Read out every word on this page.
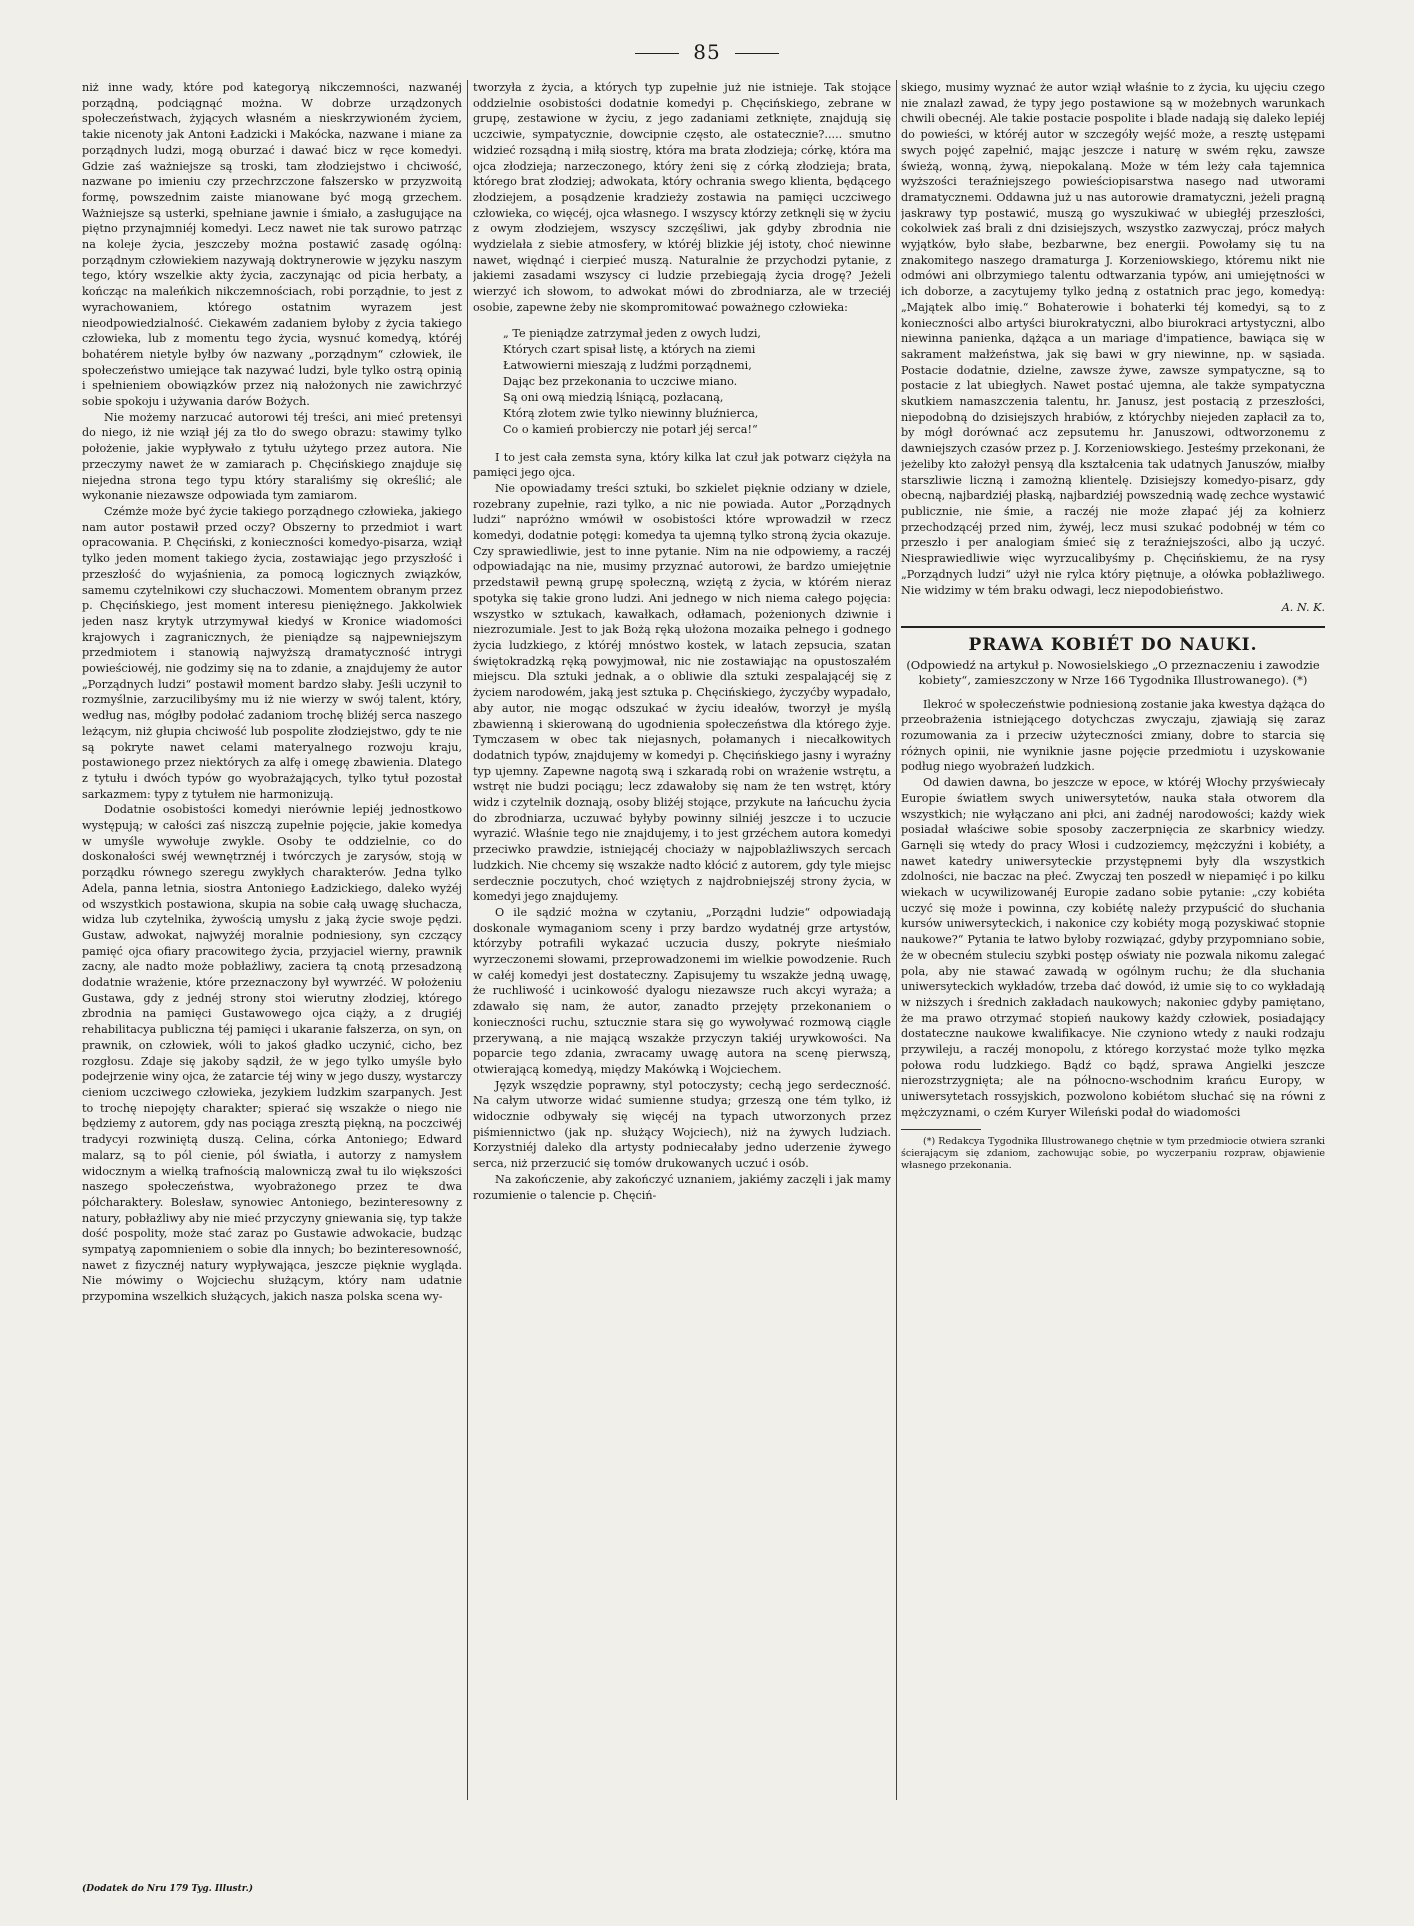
85

niż inne wady, które pod kategoryą nikczemności, nazwanéj porządną, podciągnąć można. W dobrze urządzonych społeczeństwach, żyjących własném a nieskrzywioném życiem, takie nicenoty jak Antoni Ładzicki i Makócka, nazwane i miane za porządnych ludzi, mogą oburzać i dawać bicz w ręce komedyi. Gdzie zaś ważniejsze są troski, tam złodziejstwo i chciwość, nazwane po imieniu czy przechrzczone fałszersko w przyzwoitą formę, powszednim zaiste mianowane być mogą grzechem. Ważniejsze są usterki, spełniane jawnie i śmiało, a zasługujące na piętno przynajmniéj komedyi. Lecz nawet nie tak surowo patrząc na koleje życia, jeszczeby można postawić zasadę ogólną: porządnym człowiekiem nazywają doktrynerowie w języku naszym tego, który wszelkie akty życia, zaczynając od picia herbaty, a kończąc na maleńkich nikczemnościach, robi porządnie, to jest z wyrachowaniem, którego ostatnim wyrazem jest nieodpowiedzialność. Ciekawém zadaniem byłoby z życia takiego człowieka, lub z momentu tego życia, wysnuć komedyą, któréj bohatérem nietyle byłby ów nazwany „porządnym“ człowiek, ile społeczeństwo umiejące tak nazywać ludzi, byle tylko ostrą opinią i spełnieniem obowiązków przez nią nałożonych nie zawichrzyć sobie spokoju i używania darów Bożych.

Nie możemy narzucać autorowi téj treści, ani mieć pretensyi do niego, iż nie wziął jéj za tło do swego obrazu: stawimy tylko położenie, jakie wypływało z tytułu użytego przez autora. Nie przeczymy nawet że w zamiarach p. Chęcińskiego znajduje się niejedna strona tego typu który staraliśmy się określić; ale wykonanie niezawsze odpowiada tym zamiarom.

Czémże może być życie takiego porządnego człowieka, jakiego nam autor postawił przed oczy? Obszerny to przedmiot i wart opracowania. P. Chęciński, z konieczności komedyo-pisarza, wziął tylko jeden moment takiego życia, zostawiając jego przyszłość i przeszłość do wyjaśnienia, za pomocą logicznych związków, samemu czytelnikowi czy słuchaczowi. Momentem obranym przez p. Chęcińskiego, jest moment interesu pieniężnego. Jakkolwiek jeden nasz krytyk utrzymywał kiedyś w Kronice wiadomości krajowych i zagranicznych, że pieniądze są najpewniejszym przedmiotem i stanowią najwyższą dramatyczność intrygi powieściowéj, nie godzimy się na to zdanie, a znajdujemy że autor „Porządnych ludzi“ postawił moment bardzo słaby. Jeśli uczynił to rozmyślnie, zarzucilibyśmy mu iż nie wierzy w swój talent, który, według nas, mógłby podołać zadaniom trochę bliżéj serca naszego leżącym, niż głupia chciwość lub pospolite złodziejstwo, gdy te nie są pokryte nawet celami materyalnego rozwoju kraju, postawionego przez niektórych za alfę i omegę zbawienia. Dlatego z tytułu i dwóch typów go wyobrażających, tylko tytuł pozostał sarkazmem: typy z tytułem nie harmonizują.

Dodatnie osobistości komedyi nierównie lepiéj jednostkowo występują; w całości zaś niszczą zupełnie pojęcie, jakie komedya w umyśle wywołuje zwykle. Osoby te oddzielnie, co do doskonałości swéj wewnętrznéj i twórczych je zarysów, stoją w porządku równego szeregu zwykłych charakterów. Jedna tylko Adela, panna letnia, siostra Antoniego Ładzickiego, daleko wyżéj od wszystkich postawiona, skupia na sobie całą uwagę słuchacza, widza lub czytelnika, żywością umysłu z jaką życie swoje pędzi. Gustaw, adwokat, najwyżéj moralnie podniesiony, syn czczący pamięć ojca ofiary pracowitego życia, przyjaciel wierny, prawnik zacny, ale nadto może pobłażliwy, zaciera tą cnotą przesadzoną dodatnie wrażenie, które przeznaczony był wywrzéć. W położeniu Gustawa, gdy z jednéj strony stoi wierutny złodziej, którego zbrodnia na pamięci Gustawowego ojca ciąży, a z drugiéj rehabilitacya publiczna téj pamięci i ukaranie fałszerza, on syn, on prawnik, on człowiek, wóli to jakoś gładko uczynić, cicho, bez rozgłosu. Zdaje się jakoby sądził, że w jego tylko umyśle było podejrzenie winy ojca, że zatarcie téj winy w jego duszy, wystarczy cieniom uczciwego człowieka, jezykiem ludzkim szarpanych. Jest to trochę niepojęty charakter; spierać się wszakże o niego nie będziemy z autorem, gdy nas pociąga zresztą piękną, na poczciwéj tradycyi rozwiniętą duszą. Celina, córka Antoniego; Edward malarz, są to pól cienie, pól światła, i autorzy z namysłem widocznym a wielką trafnością malowniczą zwał tu ilo większości naszego społeczeństwa, wyobrażonego przez te dwa półcharaktery. Bolesław, synowiec Antoniego, bezinteresowny z natury, pobłażliwy aby nie mieć przyczyny gniewania się, typ także dość pospolity, może stać zaraz po Gustawie adwokacie, budząc sympatyą zapomnieniem o sobie dla innych; bo bezinteresowność, nawet z fizycznéj natury wypływająca, jeszcze pięknie wygląda. Nie mówimy o Wojciechu służącym, który nam udatnie przypomina wszelkich służących, jakich nasza polska scena wy-

tworzyła z życia, a których typ zupełnie już nie istnieje. Tak stojące oddzielnie osobistości dodatnie komedyi p. Chęcińskiego, zebrane w grupę, zestawione w życiu, z jego zadaniami zetknięte, znajdują się uczciwie, sympatycznie, dowcipnie często, ale ostatecznie?..... smutno widzieć rozsądną i miłą siostrę, która ma brata złodzieja; córkę, która ma ojca złodzieja; narzeczonego, który żeni się z córką złodzieja; brata, którego brat złodziej; adwokata, który ochrania swego klienta, będącego złodziejem, a posądzenie kradzieży zostawia na pamięci uczciwego człowieka, co więcéj, ojca własnego. I wszyscy którzy zetknęli się w życiu z owym złodziejem, wszyscy szczęśliwi, jak gdyby zbrodnia nie wydzielała z siebie atmosfery, w któréj blizkie jéj istoty, choć niewinne nawet, więdnąć i cierpieć muszą. Naturalnie że przychodzi pytanie, z jakiemi zasadami wszyscy ci ludzie przebiegają życia drogę? Jeżeli wierzyć ich słowom, to adwokat mówi do zbrodniarza, ale w trzeciéj osobie, zapewne żeby nie skompromitować poważnego człowieka:

„ Te pieniądze zatrzymał jeden z owych ludzi,
Których czart spisał listę, a których na ziemi
Łatwowierni mieszają z ludźmi porządnemi,
Dając bez przekonania to uczciwe miano.
Są oni ową miedzią lśniącą, pozłacaną,
Którą złotem zwie tylko niewinny bluźnierca,
Co o kamień probierczy nie potarł jéj serca!“

I to jest cała zemsta syna, który kilka lat czuł jak potwarz ciężyła na pamięci jego ojca.

Nie opowiadamy treści sztuki, bo szkielet pięknie odziany w dziele, rozebrany zupełnie, razi tylko, a nic nie powiada. Autor „Porządnych ludzi“ napróżno wmówił w osobistości które wprowadził w rzecz komedyi, dodatnie potęgi: komedya ta ujemną tylko stroną życia okazuje. Czy sprawiedliwie, jest to inne pytanie. Nim na nie odpowiemy, a raczéj odpowiadając na nie, musimy przyznać autorowi, że bardzo umiejętnie przedstawił pewną grupę społeczną, wziętą z życia, w którém nieraz spotyka się takie grono ludzi. Ani jednego w nich niema całego pojęcia: wszystko w sztukach, kawałkach, odłamach, pożenionych dziwnie i niezrozumiale. Jest to jak Bożą ręką ułożona mozaika pełnego i godnego życia ludzkiego, z któréj mnóstwo kostek, w latach zepsucia, szatan świętokradzką ręką powyjmował, nic nie zostawiając na opustoszałém miejscu. Dla sztuki jednak, a o obliwie dla sztuki zespalającéj się z życiem narodowém, jaką jest sztuka p. Chęcińskiego, życzyćby wypadało, aby autor, nie mogąc odszukać w życiu ideałów, tworzył je myślą zbawienną i skierowaną do ugodnienia społeczeństwa dla którego żyje. Tymczasem w obec tak niejasnych, połamanych i niecałkowitych dodatnich typów, znajdujemy w komedyi p. Chęcińskiego jasny i wyraźny typ ujemny. Zapewne nagotą swą i szkaradą robi on wrażenie wstrętu, a wstręt nie budzi pociągu; lecz zdawałoby się nam że ten wstręt, który widz i czytelnik doznają, osoby bliżéj stojące, przykute na łańcuchu życia do zbrodniarza, uczuwać byłyby powinny silniéj jeszcze i to uczucie wyrazić. Właśnie tego nie znajdujemy, i to jest grzéchem autora komedyi przeciwko prawdzie, istniejącéj chociaży w najpoblażliwszych sercach ludzkich. Nie chcemy się wszakże nadto kłócić z autorem, gdy tyle miejsc serdecznie poczutych, choć wziętych z najdrobniejszéj strony życia, w komedyi jego znajdujemy.

O ile sądzić można w czytaniu, „Porządni ludzie“ odpowiadają doskonale wymaganiom sceny i przy bardzo wydatnéj grze artystów, którzyby potrafili wykazać uczucia duszy, pokryte nieśmiało wyrzeczonemi słowami, przeprowadzonemi im wielkie powodzenie. Ruch w całéj komedyi jest dostateczny. Zapisujemy tu wszakże jedną uwagę, że ruchliwość i ucinkowość dyalogu niezawsze ruch akcyi wyraża; a zdawało się nam, że autor, zanadto przejęty przekonaniem o konieczności ruchu, sztucznie stara się go wywoływać rozmową ciągle przerywaną, a nie mającą wszakże przyczyn takiéj urywkowości. Na poparcie tego zdania, zwracamy uwagę autora na scenę pierwszą, otwierającą komedyą, między Makówką i Wojciechem.

Język wszędzie poprawny, styl potoczysty; cechą jego serdeczność. Na całym utworze widać sumienne studya; grzeszą one tém tylko, iż widocznie odbywały się więcéj na typach utworzonych przez piśmiennictwo (jak np. służący Wojciech), niż na żywych ludziach. Korzystniéj daleko dla artysty podniecałaby jedno uderzenie żywego serca, niż przerzucić się tomów drukowanych uczuć i osób.

Na zakończenie, aby zakończyć uznaniem, jakiémy zaczęli i jak mamy rozumienie o talencie p. Chęciń-

skiego, musimy wyznać że autor wziął właśnie to z życia, ku ujęciu czego nie znalazł zawad, że typy jego postawione są w możebnych warunkach chwili obecnéj. Ale takie postacie pospolite i blade nadają się daleko lepiéj do powieści, w któréj autor w szczegóły wejść może, a resztę ustępami swych pojęć zapełnić, mając jeszcze i naturę w swém ręku, zawsze świeżą, wonną, żywą, niepokalaną. Może w tém leży cała tajemnica wyższości teraźniejszego powieściopisarstwa nasego nad utworami dramatycznemi. Oddawna już u nas autorowie dramatyczni, jeżeli pragną jaskrawy typ postawić, muszą go wyszukiwać w ubiegłéj przeszłości, cokolwiek zaś brali z dni dzisiejszych, wszystko zazwyczaj, prócz małych wyjątków, było słabe, bezbarwne, bez energii. Powołamy się tu na znakomitego naszego dramaturga J. Korzeniowskiego, któremu nikt nie odmówi ani olbrzymiego talentu odtwarzania typów, ani umiejętności w ich doborze, a zacytujemy tylko jedną z ostatnich prac jego, komedyą: „Majątek albo imię.“ Bohaterowie i bohaterki téj komedyi, są to z konieczności albo artyści biurokratyczni, albo biurokraci artystyczni, albo niewinna panienka, dążąca a un mariage d'impatience, bawiąca się w sakrament małżeństwa, jak się bawi w gry niewinne, np. w sąsiada. Postacie dodatnie, dzielne, zawsze żywe, zawsze sympatyczne, są to postacie z lat ubiegłych. Nawet postać ujemna, ale także sympatyczna skutkiem namaszczenia talentu, hr. Janusz, jest postacią z przeszłości, niepodobną do dzisiejszych hrabiów, z którychby niejeden zapłacił za to, by mógł dorównać acz zepsutemu hr. Januszowi, odtworzonemu z dawniejszych czasów przez p. J. Korzeniowskiego. Jesteśmy przekonani, że jeżeliby kto założył pensyą dla kształcenia tak udatnych Januszów, miałby starszliwie liczną i zamożną klientelę. Dzisiejszy komedyo-pisarz, gdy obecną, najbardziéj płaską, najbardziéj powszednią wadę zechce wystawić publicznie, nie śmie, a raczéj nie może złapać jéj za kołnierz przechodzącéj przed nim, żywéj, lecz musi szukać podobnéj w tém co przeszło i per analogiam śmieć się z teraźniejszości, albo ją uczyć. Niesprawiedliwie więc wyrzucalibyśmy p. Chęcińskiemu, że na rysy „Porządnych ludzi“ użył nie rylca który piętnuje, a ołówka pobłażliwego. Nie widzimy w tém braku odwagi, lecz niepodobieństwo.

A. N. K.
PRAWA KOBIÉT DO NAUKI.
(Odpowiedź na artykuł p. Nowosielskiego „O przeznaczeniu i zawodzie kobiety“, zamieszczony w Nrze 166 Tygodnika Illustrowanego). (*)

Ilekroć w społeczeństwie podniesioną zostanie jaka kwestya dążąca do przeobrażenia istniejącego dotychczas zwyczaju, zjawiają się zaraz rozumowania za i przeciw użyteczności zmiany, dobre to starcia się różnych opinii, nie wyniknie jasne pojęcie przedmiotu i uzyskowanie podług niego wyobrażeń ludzkich.

Od dawien dawna, bo jeszcze w epoce, w któréj Włochy przyświecały Europie światłem swych uniwersytetów, nauka stała otworem dla wszystkich; nie wyłączano ani płci, ani żadnéj narodowości; każdy wiek posiadał właściwe sobie sposoby zaczerpnięcia ze skarbnicy wiedzy. Garnęli się wtedy do pracy Włosi i cudzoziemcy, mężczyźni i kobiéty, a nawet katedry uniwersyteckie przystępnemi były dla wszystkich zdolności, nie baczac na płeć. Zwyczaj ten poszedł w niepamięć i po kilku wiekach w ucywilizowanéj Europie zadano sobie pytanie: „czy kobiéta uczyć się może i powinna, czy kobiétę należy przypuścić do słuchania kursów uniwersyteckich, i nakonice czy kobiéty mogą pozyskiwać stopnie naukowe?“ Pytania te łatwo byłoby rozwiązać, gdyby przypomniano sobie, że w obecném stuleciu szybki postęp oświaty nie pozwala nikomu zalegać pola, aby nie stawać zawadą w ogólnym ruchu; że dla słuchania uniwersyteckich wykładów, trzeba dać dowód, iż umie się to co wykładają w niższych i średnich zakładach naukowych; nakoniec gdyby pamiętano, że ma prawo otrzymać stopień naukowy każdy człowiek, posiadający dostateczne naukowe kwalifikacye. Nie czyniono wtedy z nauki rodzaju przywileju, a raczéj monopolu, z którego korzystać może tylko męzka połowa rodu ludzkiego. Bądź co bądź, sprawa Angielki jeszcze nierozstrzygnięta; ale na północno-wschodnim krańcu Europy, w uniwersytetach rossyjskich, pozwolono kobiétom słuchać się na równi z mężczyznami, o czém Kuryer Wileński podał do wiadomości

(*) Redakcya Tygodnika Illustrowanego chętnie w tym przedmiocie otwiera szranki ścierającym się zdaniom, zachowując sobie, po wyczerpaniu rozpraw, objawienie własnego przekonania.

(Dodatek do Nru 179 Tyg. Illustr.)
